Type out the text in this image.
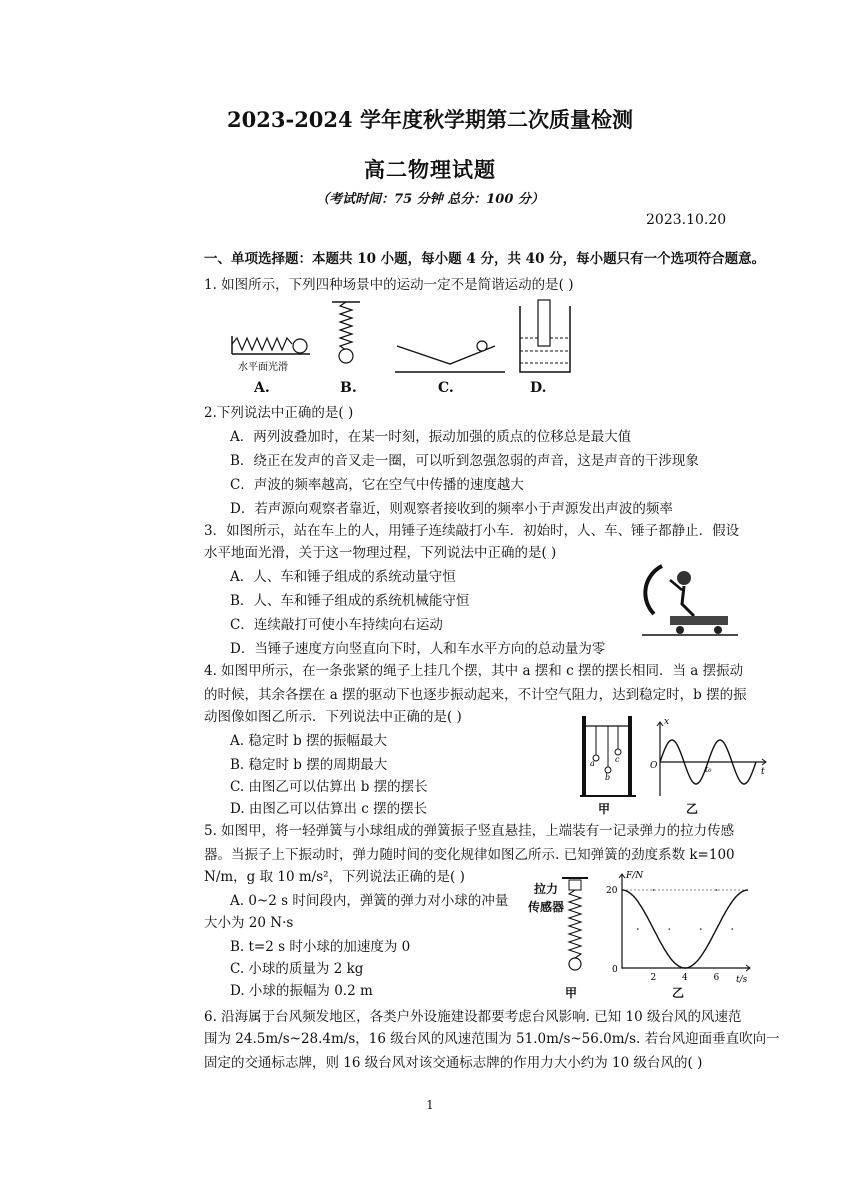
2023-2024 学年度秋学期第二次质量检测
高二物理试题
（考试时间：75 分钟 总分：100 分）
2023.10.20
一、单项选择题：本题共 10 小题，每小题 4 分，共 40 分，每小题只有一个选项符合题意。
1. 如图所示，下列四种场景中的运动一定不是简谐运动的是( )
水平面光滑
A.	B.	C.	D.
2.下列说法中正确的是( )
A．两列波叠加时，在某一时刻，振动加强的质点的位移总是最大值
B．绕正在发声的音叉走一圈，可以听到忽强忽弱的声音，这是声音的干涉现象
C．声波的频率越高，它在空气中传播的速度越大
D．若声源向观察者靠近，则观察者接收到的频率小于声源发出声波的频率
3．如图所示，站在车上的人，用锤子连续敲打小车．初始时，人、车、锤子都静止．假设
水平地面光滑，关于这一物理过程，下列说法中正确的是( )
A．人、车和锤子组成的系统动量守恒
B．人、车和锤子组成的系统机械能守恒
C．连续敲打可使小车持续向右运动
D．当锤子速度方向竖直向下时，人和车水平方向的总动量为零
4. 如图甲所示，在一条张紧的绳子上挂几个摆，其中 a 摆和 c 摆的摆长相同．当 a 摆振动
的时候，其余各摆在 a 摆的驱动下也逐步振动起来，不计空气阻力，达到稳定时，b 摆的振
动图像如图乙所示．下列说法中正确的是( )
A. 稳定时 b 摆的振幅最大
B. 稳定时 b 摆的周期最大
C. 由图乙可以估算出 b 摆的摆长
D. 由图乙可以估算出 c 摆的摆长
a
b
c
x
t
O	t₀
甲	乙
5. 如图甲，将一轻弹簧与小球组成的弹簧振子竖直悬挂，上端装有一记录弹力的拉力传感
器。当振子上下振动时，弹力随时间的变化规律如图乙所示. 已知弹簧的劲度系数 k=100
N/m，g 取 10 m/s²，下列说法正确的是( )
A. 0~2 s 时间段内，弹簧的弹力对小球的冲量
大小为 20 N·s
B. t=2 s 时小球的加速度为 0
C. 小球的质量为 2 kg
D. 小球的振幅为 0.2 m
拉力
传感器
甲
2	4	6
20
F/N
t/s
0
乙
6. 沿海属于台风频发地区，各类户外设施建设都要考虑台风影响. 已知 10 级台风的风速范
围为 24.5m/s~28.4m/s，16 级台风的风速范围为 51.0m/s~56.0m/s. 若台风迎面垂直吹向一
固定的交通标志牌，则 16 级台风对该交通标志牌的作用力大小约为 10 级台风的( )
1
